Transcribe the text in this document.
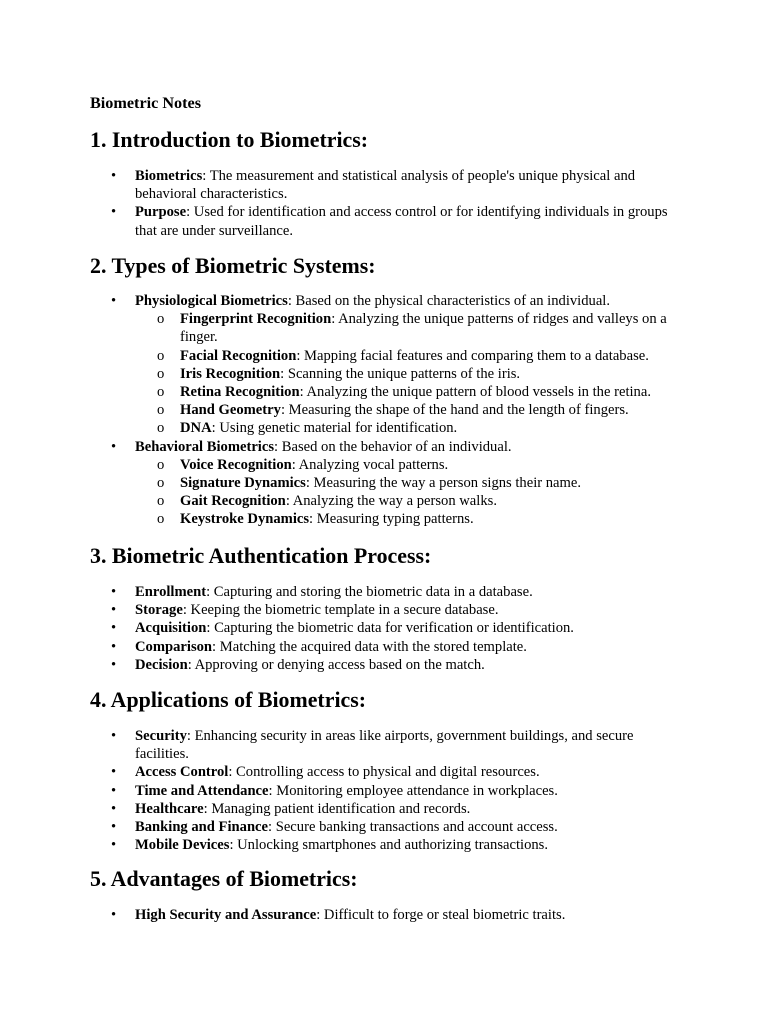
Biometric Notes
1. Introduction to Biometrics:
• Biometrics: The measurement and statistical analysis of people's unique physical and behavioral characteristics.
• Purpose: Used for identification and access control or for identifying individuals in groups that are under surveillance.
2. Types of Biometric Systems:
• Physiological Biometrics: Based on the physical characteristics of an individual.
o Fingerprint Recognition: Analyzing the unique patterns of ridges and valleys on a finger.
o Facial Recognition: Mapping facial features and comparing them to a database.
o Iris Recognition: Scanning the unique patterns of the iris.
o Retina Recognition: Analyzing the unique pattern of blood vessels in the retina.
o Hand Geometry: Measuring the shape of the hand and the length of fingers.
o DNA: Using genetic material for identification.
• Behavioral Biometrics: Based on the behavior of an individual.
o Voice Recognition: Analyzing vocal patterns.
o Signature Dynamics: Measuring the way a person signs their name.
o Gait Recognition: Analyzing the way a person walks.
o Keystroke Dynamics: Measuring typing patterns.
3. Biometric Authentication Process:
• Enrollment: Capturing and storing the biometric data in a database.
• Storage: Keeping the biometric template in a secure database.
• Acquisition: Capturing the biometric data for verification or identification.
• Comparison: Matching the acquired data with the stored template.
• Decision: Approving or denying access based on the match.
4. Applications of Biometrics:
• Security: Enhancing security in areas like airports, government buildings, and secure facilities.
• Access Control: Controlling access to physical and digital resources.
• Time and Attendance: Monitoring employee attendance in workplaces.
• Healthcare: Managing patient identification and records.
• Banking and Finance: Secure banking transactions and account access.
• Mobile Devices: Unlocking smartphones and authorizing transactions.
5. Advantages of Biometrics:
• High Security and Assurance: Difficult to forge or steal biometric traits.
